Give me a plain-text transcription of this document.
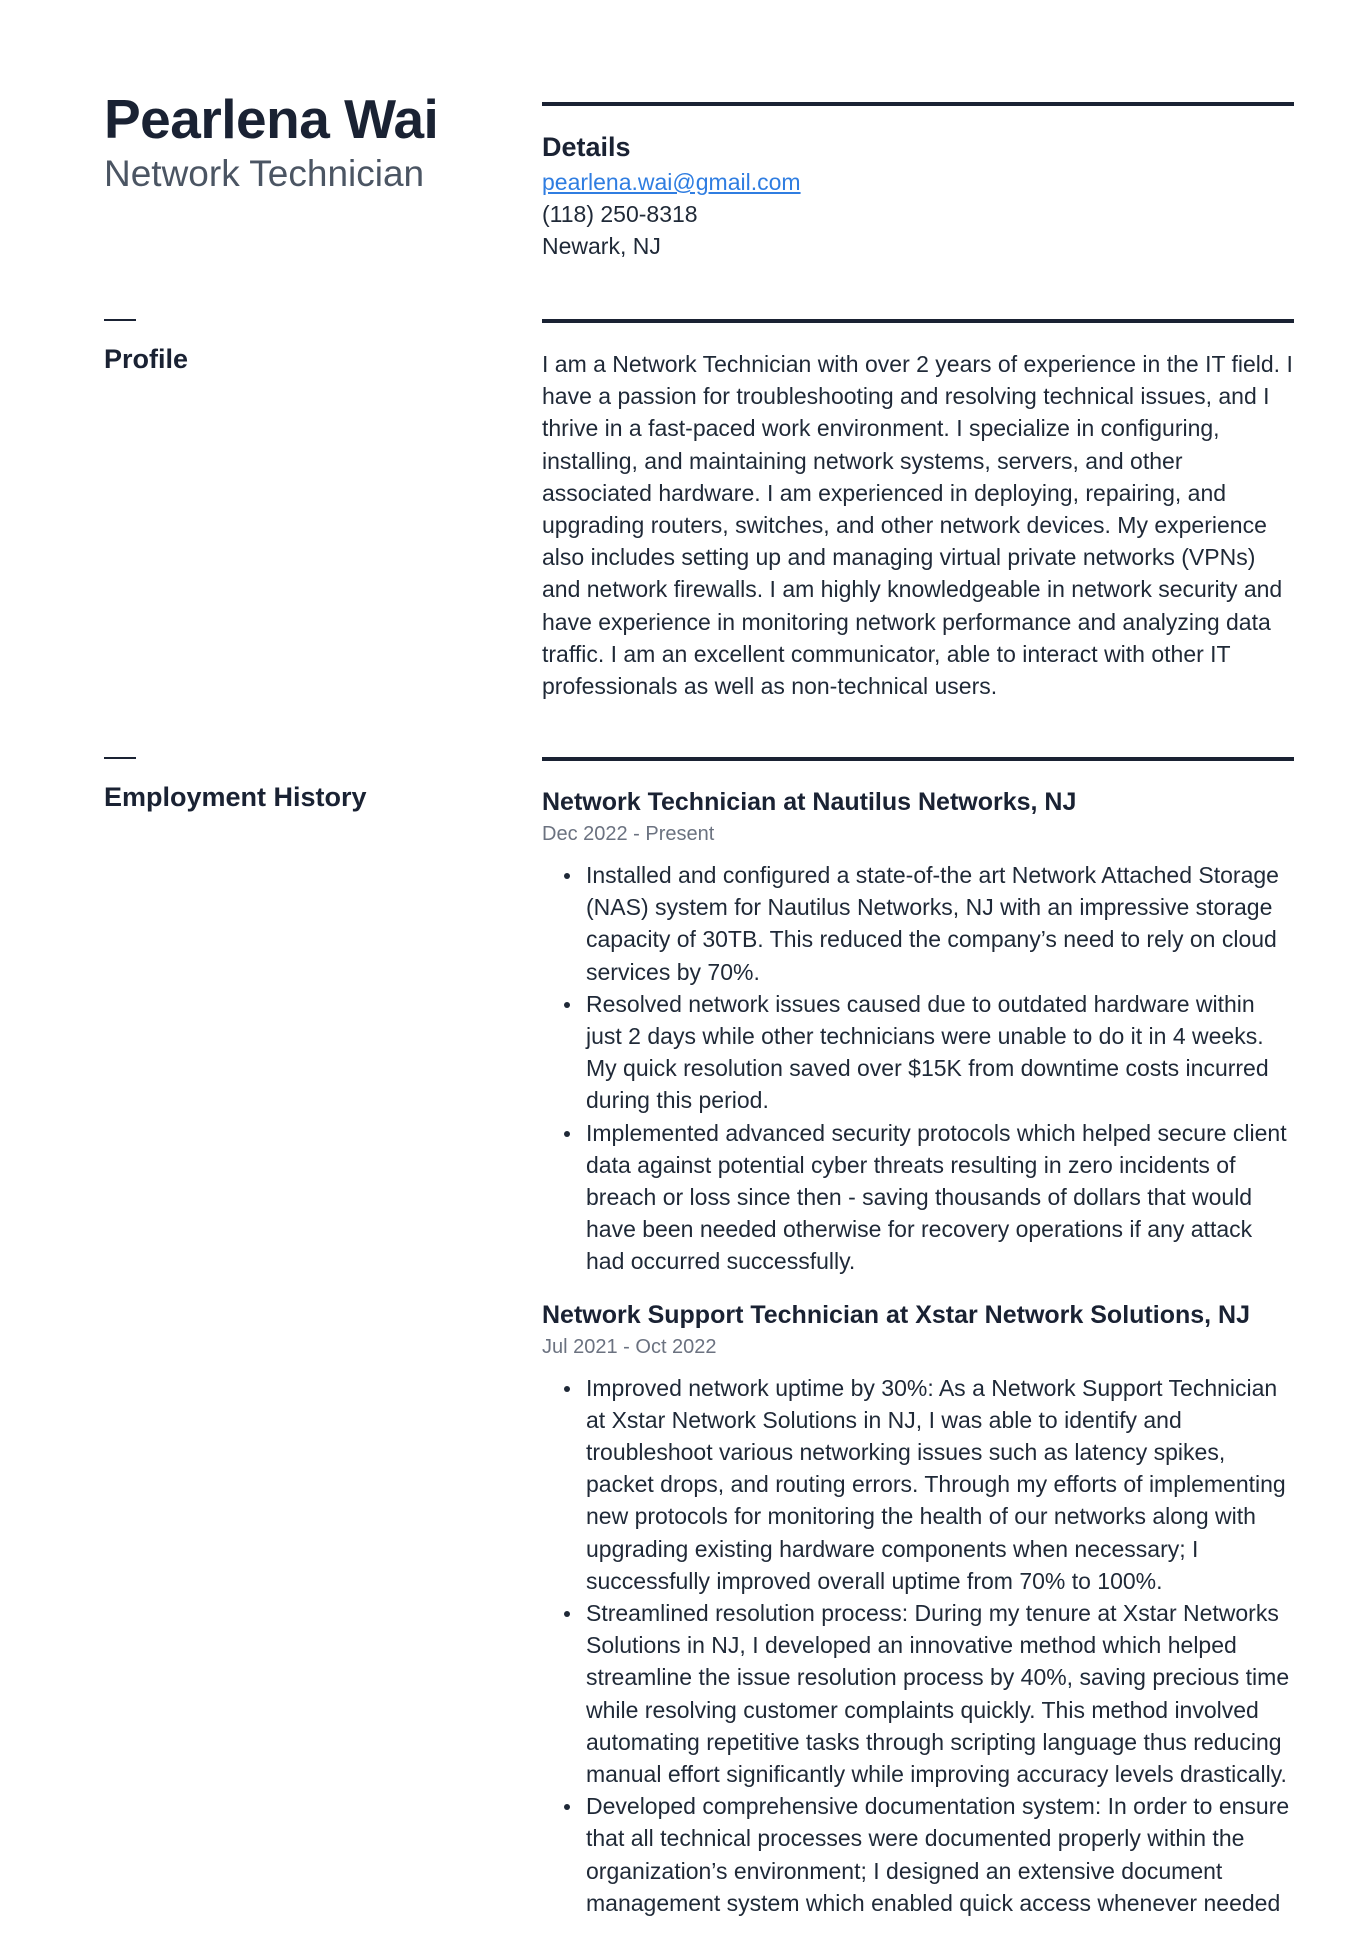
Pearlena Wai
Network Technician
Details
pearlena.wai@gmail.com
(118) 250-8318
Newark, NJ
Profile	I am a Network Technician with over 2 years of experience in the IT field. I have a passion for troubleshooting and resolving technical issues, and I thrive in a fast-paced work environment. I specialize in configuring, installing, and maintaining network systems, servers, and other associated hardware. I am experienced in deploying, repairing, and upgrading routers, switches, and other network devices. My experience also includes setting up and managing virtual private networks (VPNs) and network firewalls. I am highly knowledgeable in network security and have experience in monitoring network performance and analyzing data traffic. I am an excellent communicator, able to interact with other IT professionals as well as non-technical users.
Employment History	Network Technician at Nautilus Networks, NJ
Dec 2022 - Present
Installed and configured a state-of-the art Network Attached Storage (NAS) system for Nautilus Networks, NJ with an impressive storage capacity of 30TB. This reduced the company’s need to rely on cloud services by 70%.
Resolved network issues caused due to outdated hardware within just 2 days while other technicians were unable to do it in 4 weeks. My quick resolution saved over $15K from downtime costs incurred during this period.
Implemented advanced security protocols which helped secure client data against potential cyber threats resulting in zero incidents of breach or loss since then - saving thousands of dollars that would have been needed otherwise for recovery operations if any attack had occurred successfully.
Network Support Technician at Xstar Network Solutions, NJ
Jul 2021 - Oct 2022
Improved network uptime by 30%: As a Network Support Technician at Xstar Network Solutions in NJ, I was able to identify and troubleshoot various networking issues such as latency spikes, packet drops, and routing errors. Through my efforts of implementing new protocols for monitoring the health of our networks along with upgrading existing hardware components when necessary; I successfully improved overall uptime from 70% to 100%.
Streamlined resolution process: During my tenure at Xstar Networks Solutions in NJ, I developed an innovative method which helped streamline the issue resolution process by 40%, saving precious time while resolving customer complaints quickly. This method involved automating repetitive tasks through scripting language thus reducing manual effort significantly while improving accuracy levels drastically.
Developed comprehensive documentation system: In order to ensure that all technical processes were documented properly within the organization’s environment; I designed an extensive document management system which enabled quick access whenever needed
